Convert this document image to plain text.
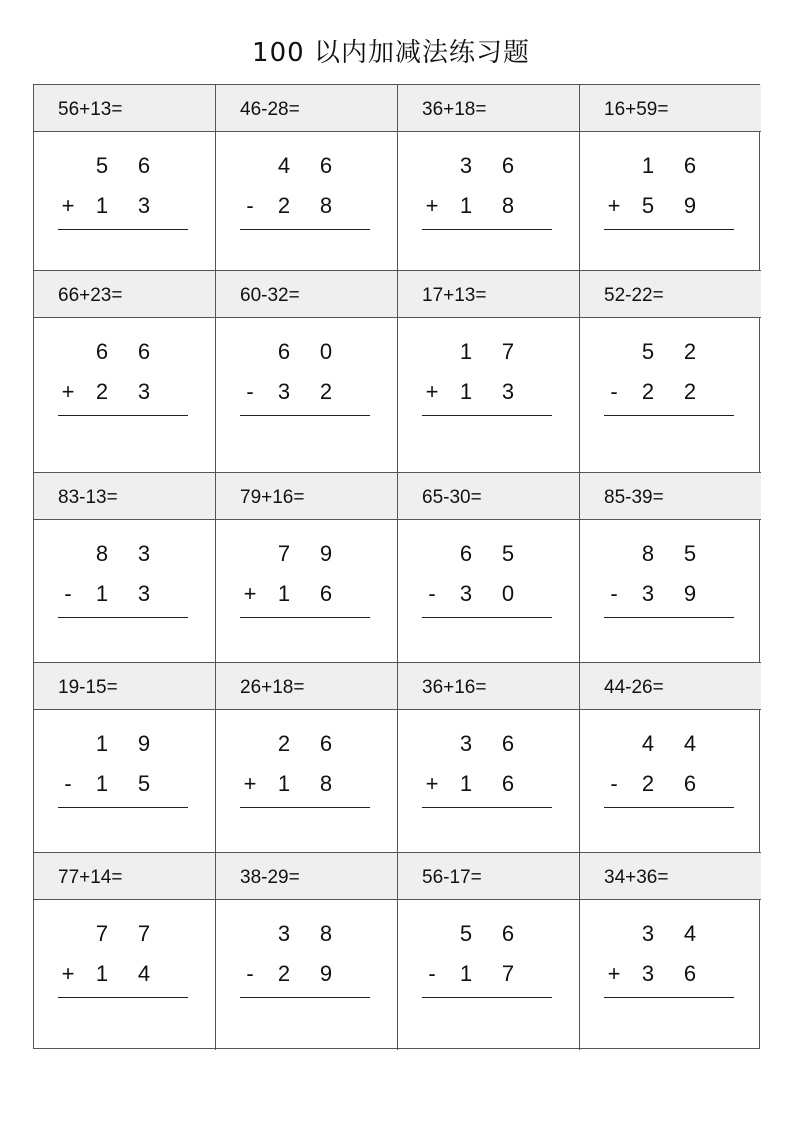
100 以内加减法练习题
56+13=
5 6
+ 1 3
46-28=
4 6
- 2 8
36+18=
3 6
+ 1 8
16+59=
1 6
+ 5 9
66+23=
6 6
+ 2 3
60-32=
6 0
- 3 2
17+13=
1 7
+ 1 3
52-22=
5 2
- 2 2
83-13=
8 3
- 1 3
79+16=
7 9
+ 1 6
65-30=
6 5
- 3 0
85-39=
8 5
- 3 9
19-15=
1 9
- 1 5
26+18=
2 6
+ 1 8
36+16=
3 6
+ 1 6
44-26=
4 4
- 2 6
77+14=
7 7
+ 1 4
38-29=
3 8
- 2 9
56-17=
5 6
- 1 7
34+36=
3 4
+ 3 6
